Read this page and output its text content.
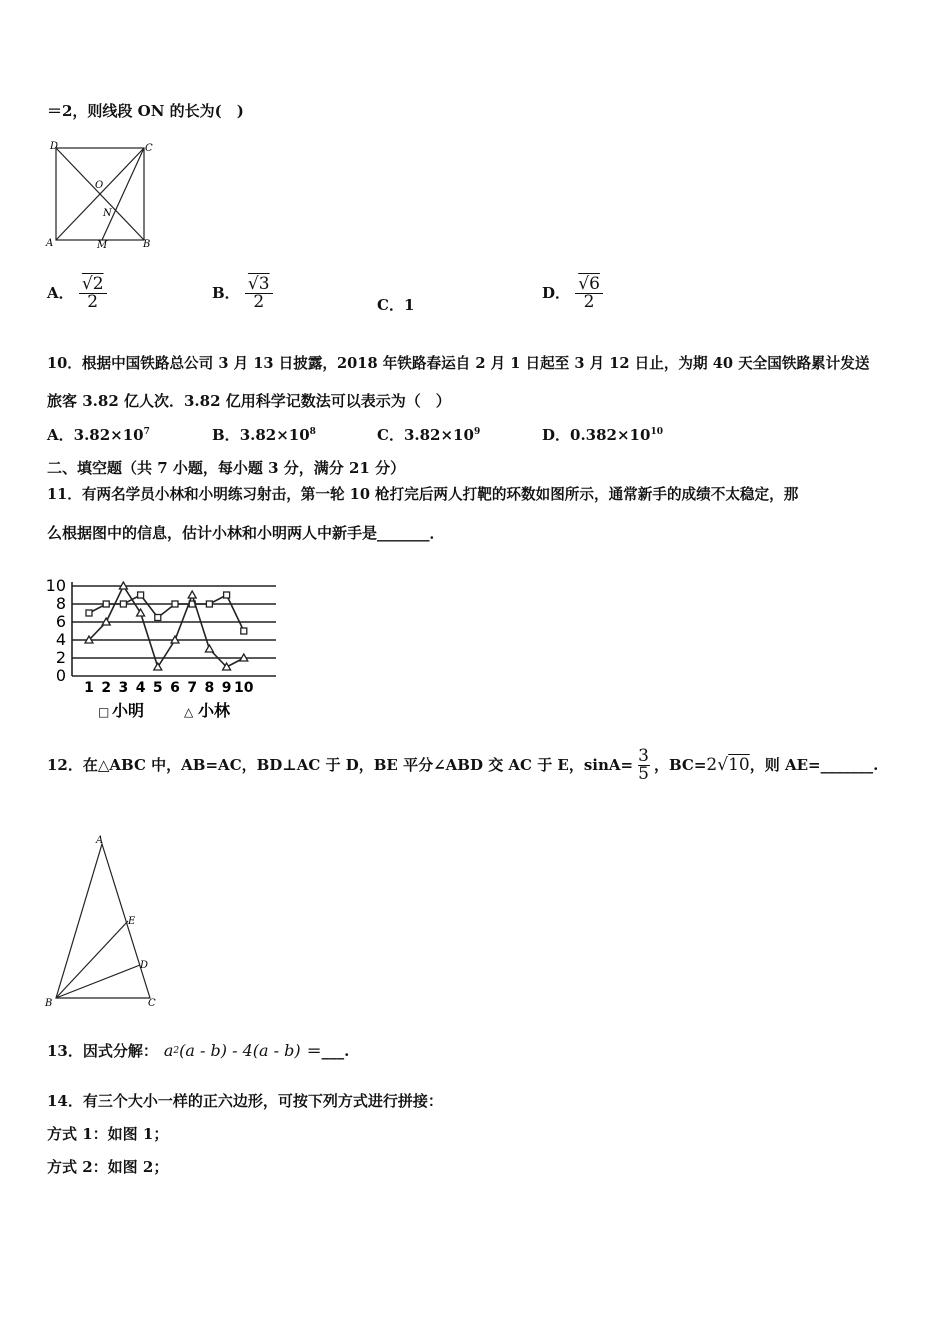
＝2，则线段 ON 的长为(　)
D	C
O
N
A	M	B
A． $\frac{√2}{2}$	B． $\frac{√3}{2}$	C．1
D． $\frac{√6}{2}$
10．根据中国铁路总公司 3 月 13 日披露，2018 年铁路春运自 2 月 1 日起至 3 月 12 日止，为期 40 天全国铁路累计发送
旅客 3.82 亿人次．3.82 亿用科学记数法可以表示为（　）
A．$3.82\times 10^7$	B．$3.82\times 10^8$	C．$3.82\times 10^9$	D．$0.382\times 10^{10}$
二、填空题（共 7 小题，每小题 3 分，满分 21 分）
11．有两名学员小林和小明练习射击，第一轮 10 枪打完后两人打靶的环数如图所示，通常新手的成绩不太稳定，那
么根据图中的信息，估计小林和小明两人中新手是_______．
0
2
4
6
8
10
1 2 3 4 5 6 7 8 9 10
□ 小明	△ 小林
12．在△ABC 中，AB=AC，BD⊥AC 于 D，BE 平分∠ABD 交 AC 于 E，$\sin A= \frac{3}{5}$ ，BC= 2 √ 10 ，则 AE=_______.
A
E
D
B	C
13．因式分解： a 2 (a - b) - 4(a - b) ＝___.
14．有三个大小一样的正六边形，可按下列方式进行拼接：
方式 1：如图 1；
方式 2：如图 2；
